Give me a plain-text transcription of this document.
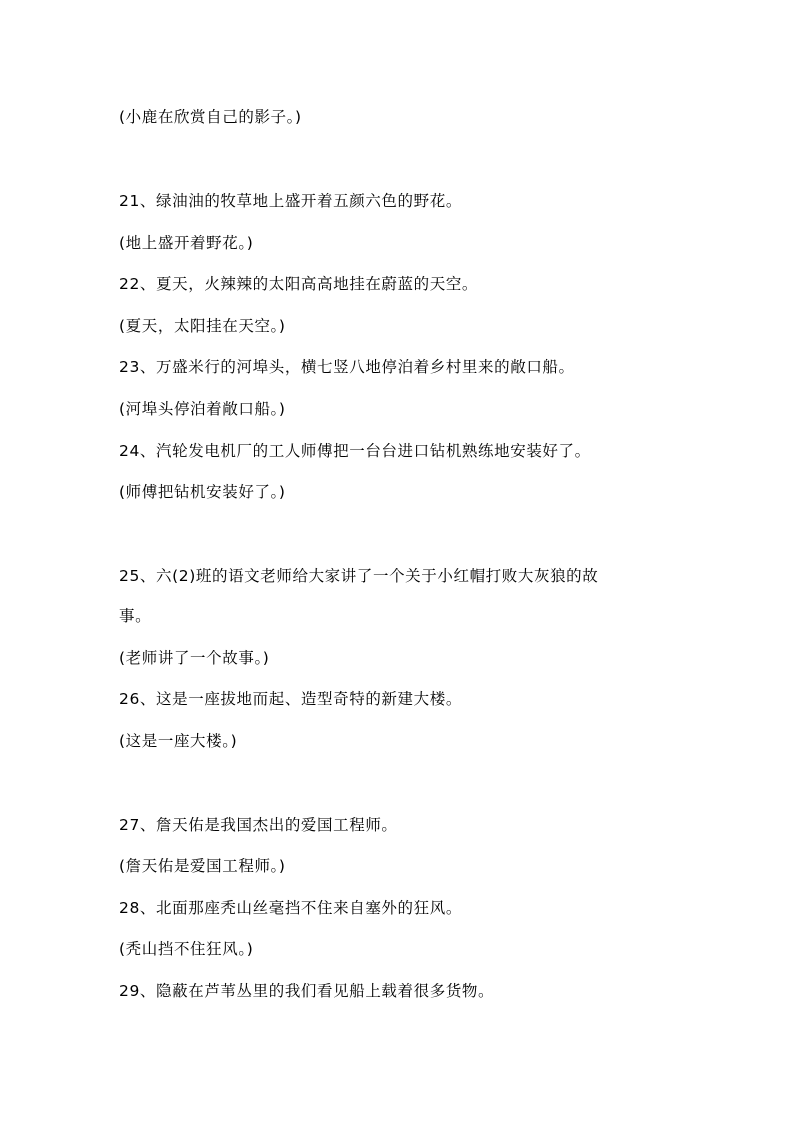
(小鹿在欣赏自己的影子。)

21、绿油油的牧草地上盛开着五颜六色的野花。

(地上盛开着野花。)

22、夏天，火辣辣的太阳高高地挂在蔚蓝的天空。

(夏天，太阳挂在天空。)

23、万盛米行的河埠头，横七竖八地停泊着乡村里来的敞口船。

(河埠头停泊着敞口船。)

24、汽轮发电机厂的工人师傅把一台台进口钻机熟练地安装好了。

(师傅把钻机安装好了。)

25、六(2)班的语文老师给大家讲了一个关于小红帽打败大灰狼的故

事。

(老师讲了一个故事。)

26、这是一座拔地而起、造型奇特的新建大楼。

(这是一座大楼。)

27、詹天佑是我国杰出的爱国工程师。

(詹天佑是爱国工程师。)

28、北面那座秃山丝毫挡不住来自塞外的狂风。

(秃山挡不住狂风。)

29、隐蔽在芦苇丛里的我们看见船上载着很多货物。
